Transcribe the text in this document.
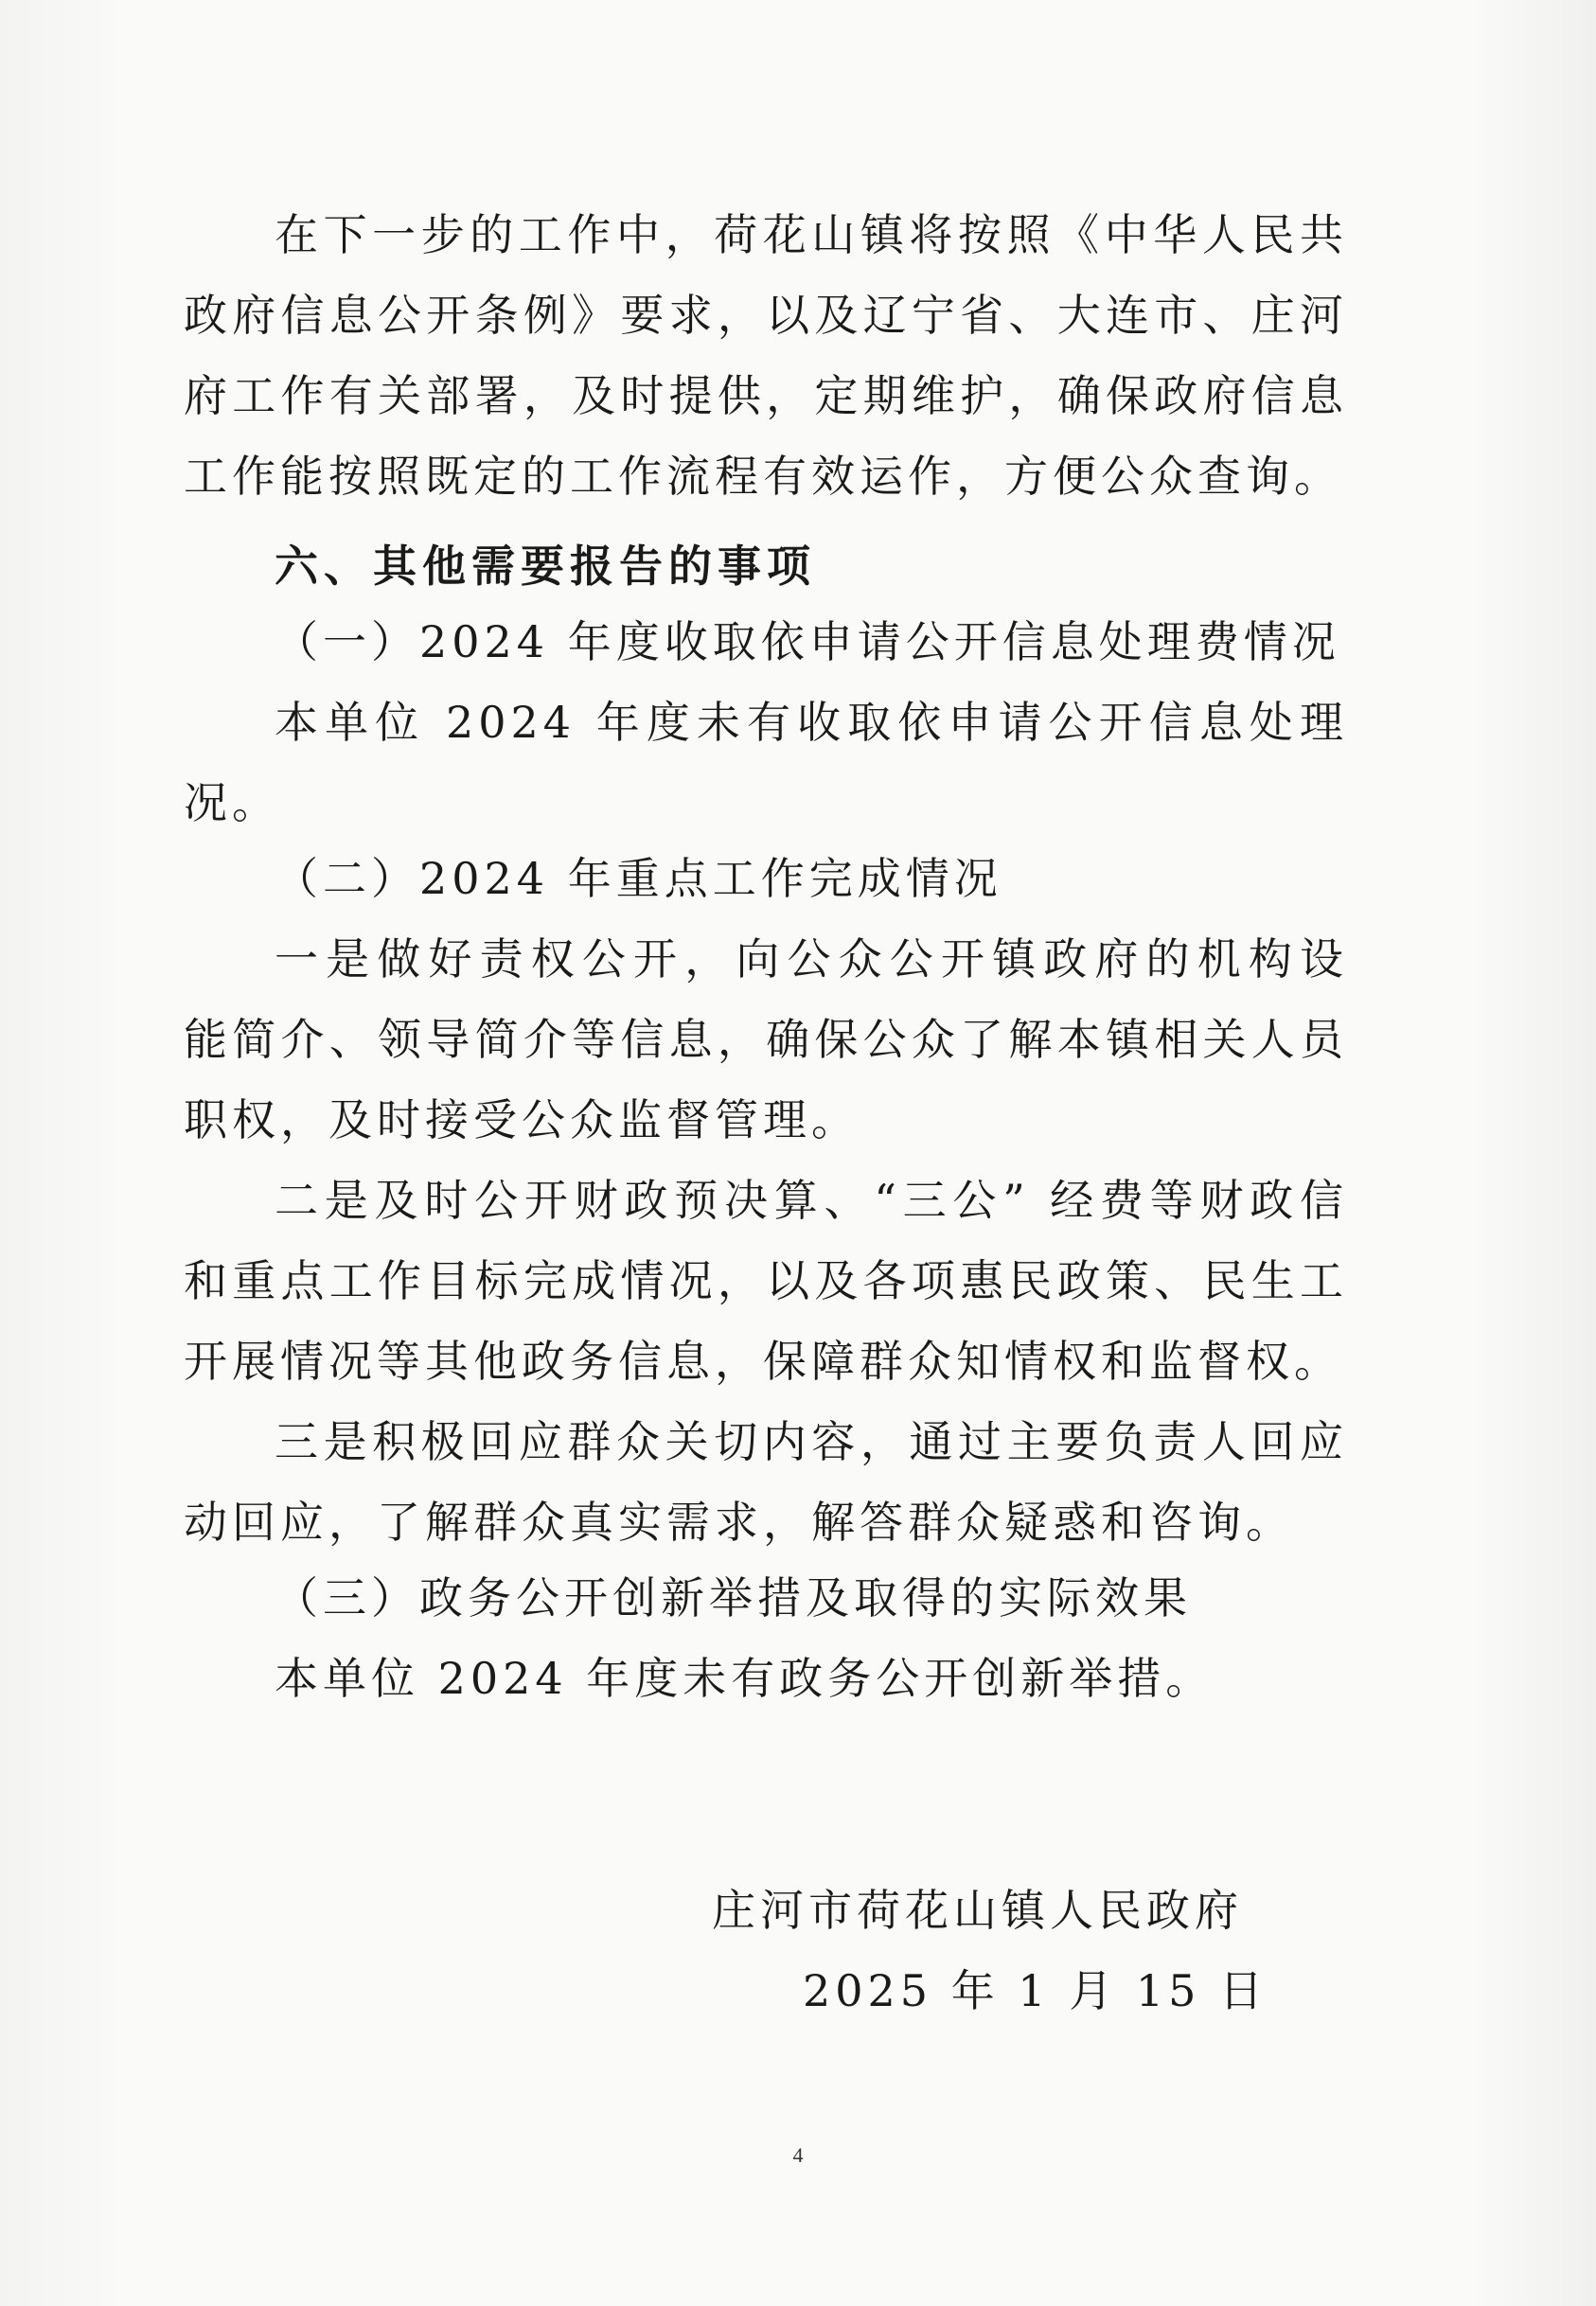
在下一步的工作中，荷花山镇将按照《中华人民共
政府信息公开条例》要求，以及辽宁省、大连市、庄河
府工作有关部署，及时提供，定期维护，确保政府信息
工作能按照既定的工作流程有效运作，方便公众查询。
六、其他需要报告的事项
（一）2024 年度收取依申请公开信息处理费情况
本单位 2024 年度未有收取依申请公开信息处理
况。
（二）2024 年重点工作完成情况
一是做好责权公开，向公众公开镇政府的机构设
能简介、领导简介等信息，确保公众了解本镇相关人员
职权，及时接受公众监督管理。
二是及时公开财政预决算、“三公” 经费等财政信
和重点工作目标完成情况，以及各项惠民政策、民生工
开展情况等其他政务信息，保障群众知情权和监督权。
三是积极回应群众关切内容，通过主要负责人回应
动回应，了解群众真实需求，解答群众疑惑和咨询。
（三）政务公开创新举措及取得的实际效果
本单位 2024 年度未有政务公开创新举措。
庄河市荷花山镇人民政府
2025 年 1 月 15 日
4
